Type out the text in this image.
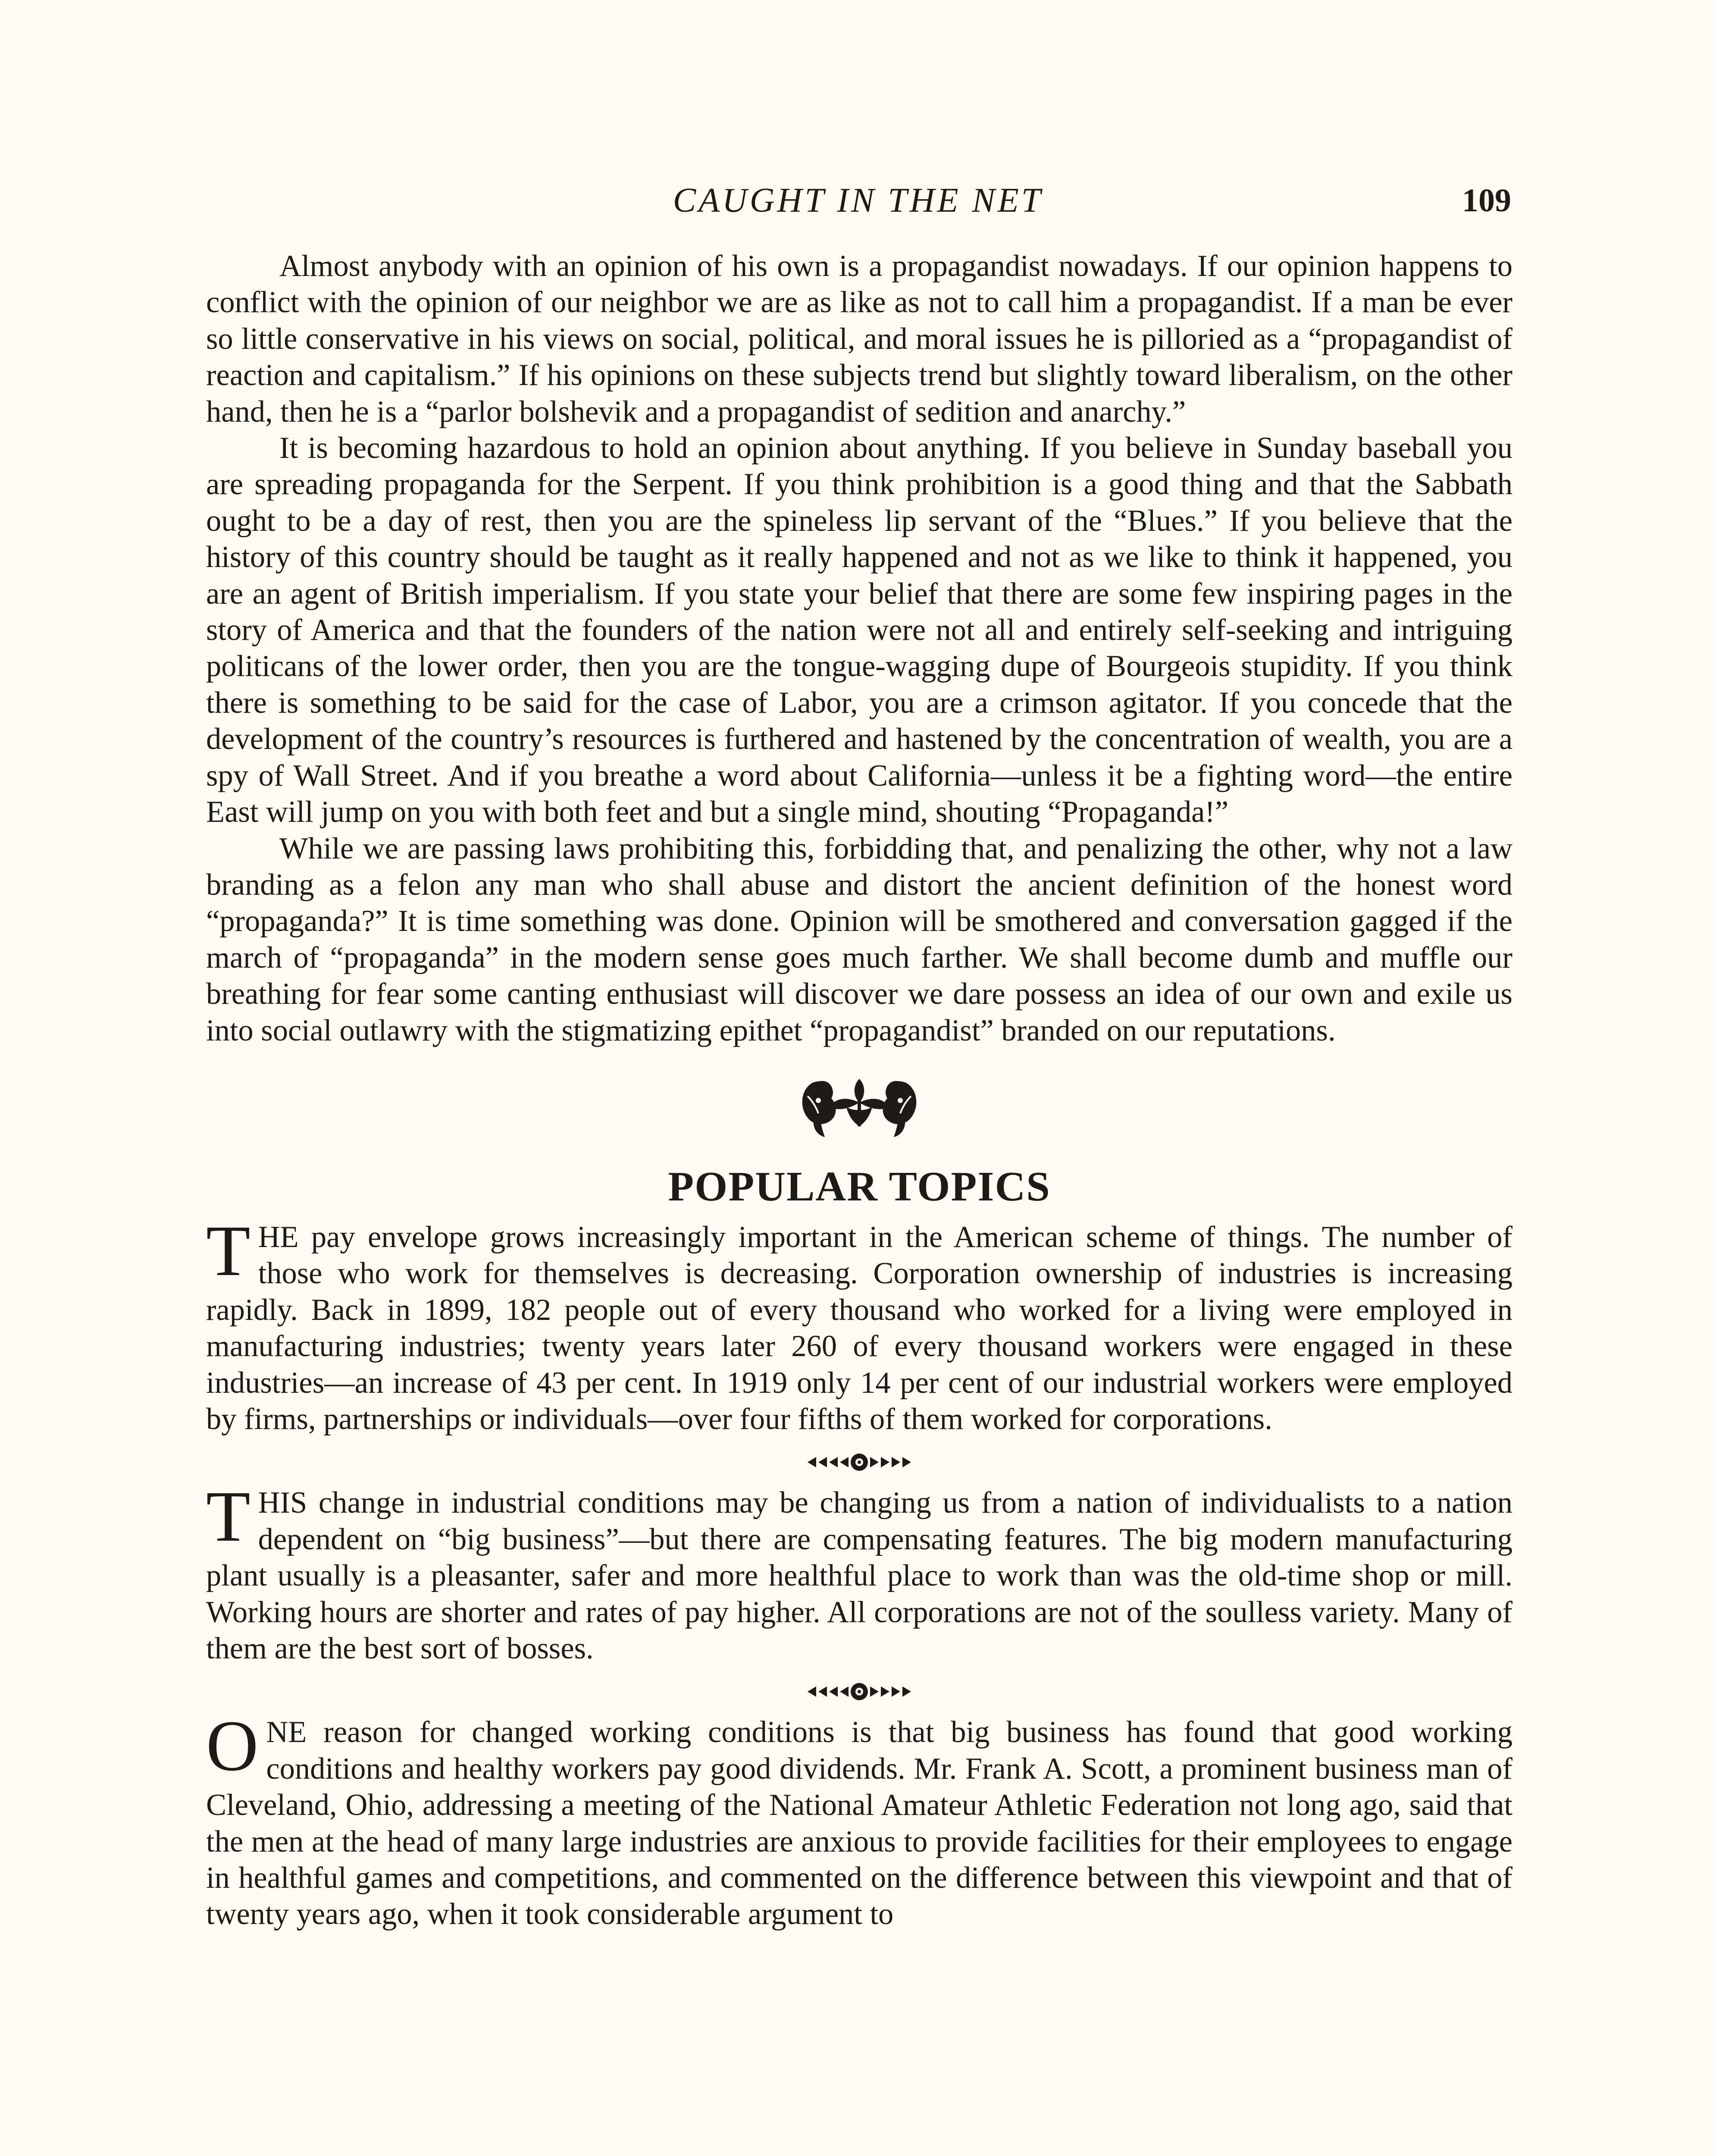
CAUGHT IN THE NET	109

Almost anybody with an opinion of his own is a propagandist nowadays. If our opinion happens to conflict with the opinion of our neighbor we are as like as not to call him a propagandist. If a man be ever so little conservative in his views on social, political, and moral issues he is pilloried as a “propagandist of reaction and capitalism.” If his opinions on these subjects trend but slightly toward liberalism, on the other hand, then he is a “parlor bolshevik and a propagandist of sedition and anarchy.”

It is becoming hazardous to hold an opinion about anything. If you believe in Sunday baseball you are spreading propaganda for the Serpent. If you think prohibition is a good thing and that the Sabbath ought to be a day of rest, then you are the spineless lip servant of the “Blues.” If you believe that the history of this country should be taught as it really happened and not as we like to think it happened, you are an agent of British imperialism. If you state your belief that there are some few inspiring pages in the story of America and that the founders of the nation were not all and entirely self-seeking and intriguing politicans of the lower order, then you are the tongue-wagging dupe of Bourgeois stupidity. If you think there is something to be said for the case of Labor, you are a crimson agitator. If you concede that the development of the country’s resources is furthered and hastened by the concentration of wealth, you are a spy of Wall Street. And if you breathe a word about California—unless it be a fighting word—the entire East will jump on you with both feet and but a single mind, shouting “Propaganda!”

While we are passing laws prohibiting this, forbidding that, and penalizing the other, why not a law branding as a felon any man who shall abuse and distort the ancient definition of the honest word “propaganda?” It is time something was done. Opinion will be smothered and conversation gagged if the march of “propaganda” in the modern sense goes much farther. We shall become dumb and muffle our breathing for fear some canting enthusiast will discover we dare possess an idea of our own and exile us into social outlawry with the stigmatizing epithet “propagandist” branded on our reputations.

POPULAR TOPICS

THE pay envelope grows increasingly important in the American scheme of things. The number of those who work for themselves is decreasing. Corporation ownership of industries is increasing rapidly. Back in 1899, 182 people out of every thousand who worked for a living were employed in manufacturing industries; twenty years later 260 of every thousand workers were engaged in these industries—an increase of 43 per cent. In 1919 only 14 per cent of our industrial workers were employed by firms, partnerships or individuals—over four fifths of them worked for corporations.

THIS change in industrial conditions may be changing us from a nation of individualists to a nation dependent on “big business”—but there are compensating features. The big modern manufacturing plant usually is a pleasanter, safer and more healthful place to work than was the old-time shop or mill. Working hours are shorter and rates of pay higher. All corporations are not of the soulless variety. Many of them are the best sort of bosses.

ONE reason for changed working conditions is that big business has found that good working conditions and healthy workers pay good dividends. Mr. Frank A. Scott, a prominent business man of Cleveland, Ohio, addressing a meeting of the National Amateur Athletic Federation not long ago, said that the men at the head of many large industries are anxious to provide facilities for their employees to engage in healthful games and competitions, and commented on the difference between this viewpoint and that of twenty years ago, when it took considerable argument to
